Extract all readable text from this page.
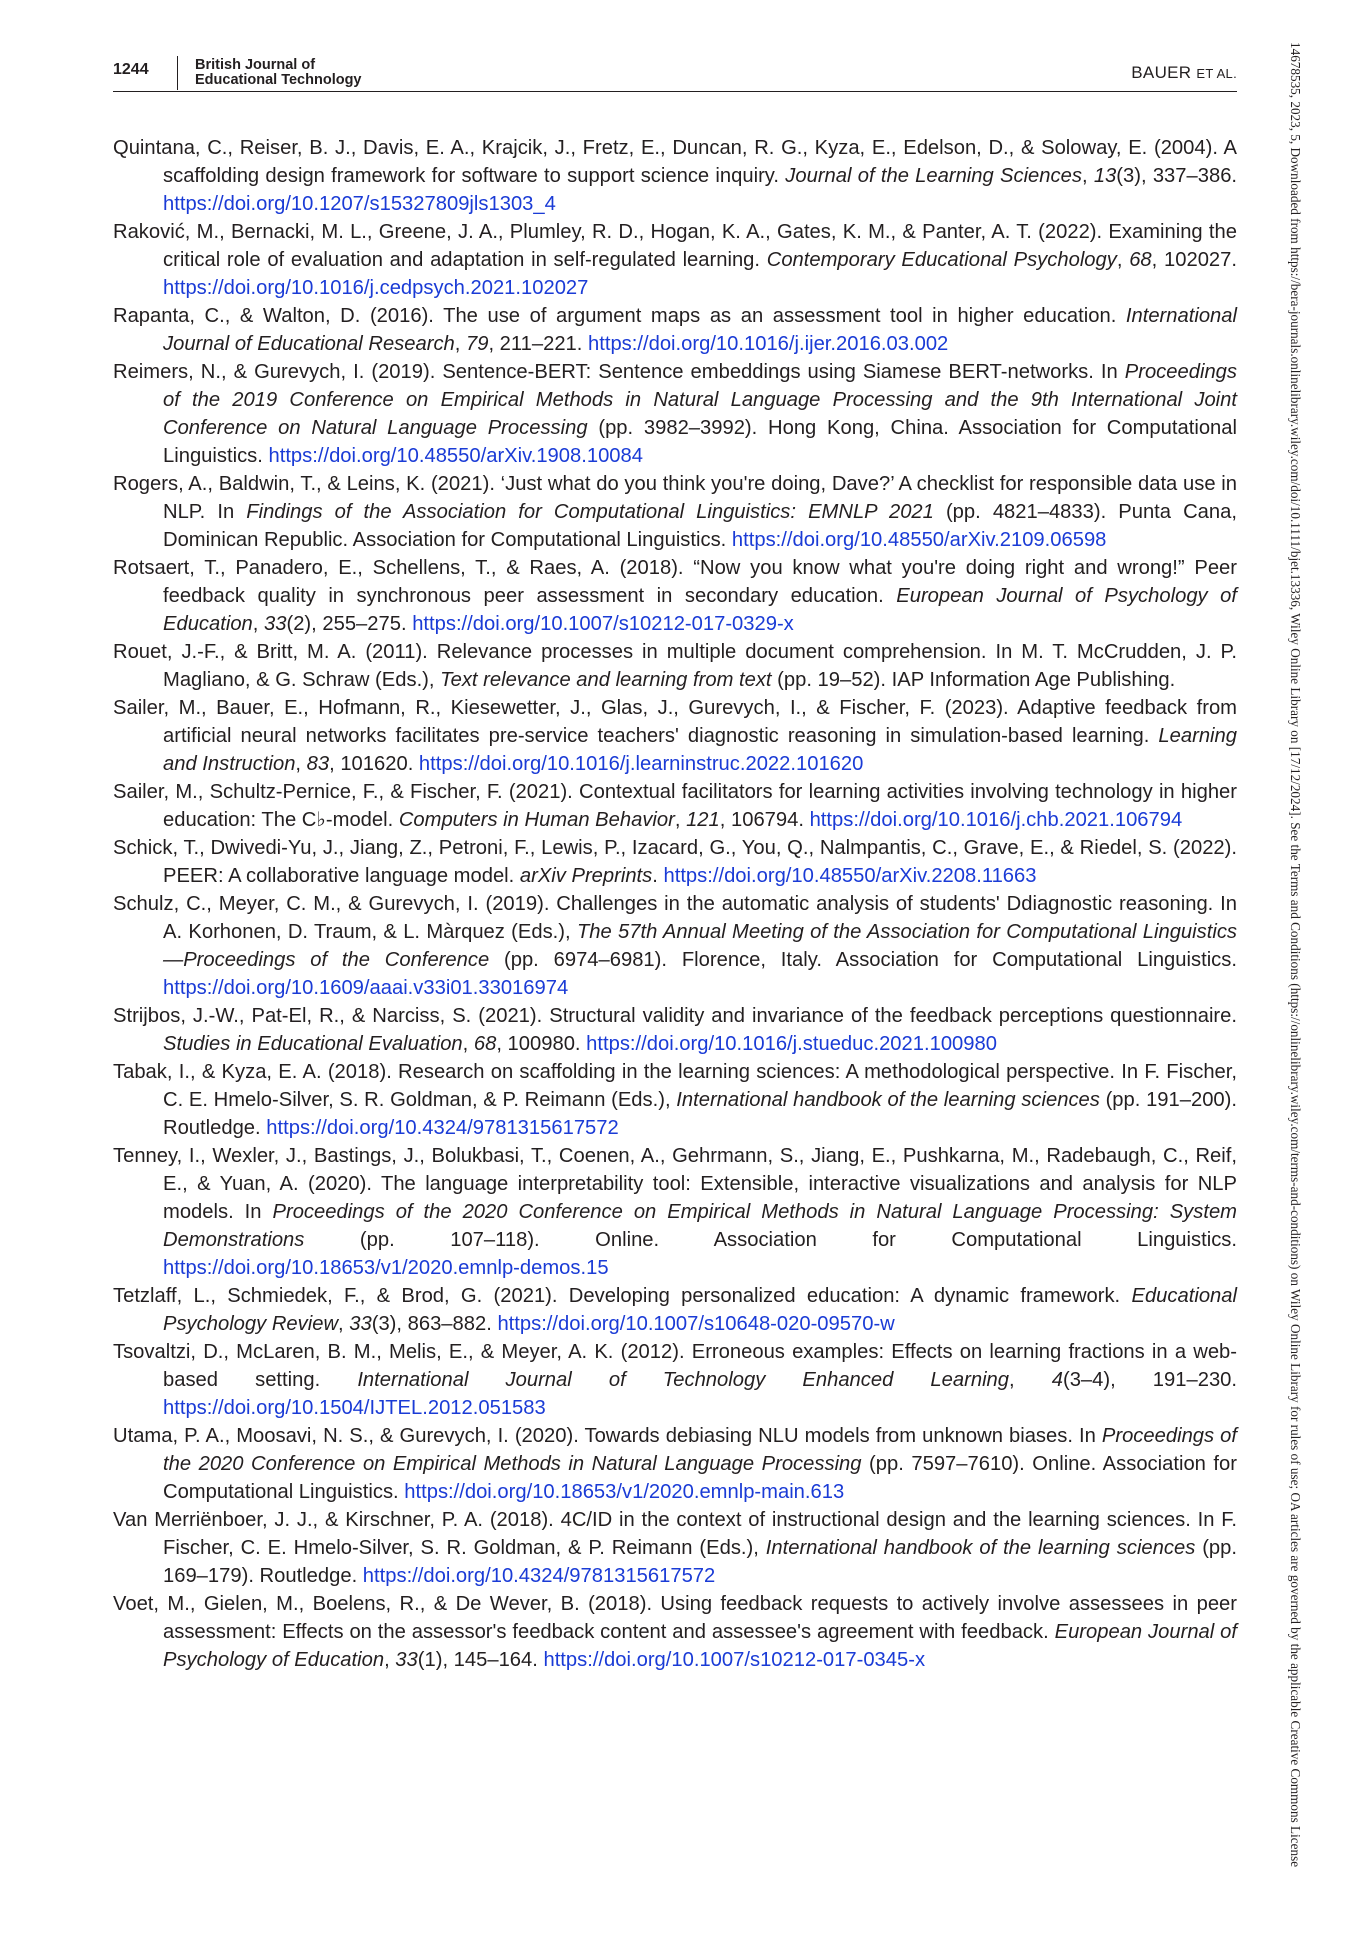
1244	British Journal of
Educational Technology	BAUER ET AL.

Quintana, C., Reiser, B. J., Davis, E. A., Krajcik, J., Fretz, E., Duncan, R. G., Kyza, E., Edelson, D., & Soloway, E. (2004). A scaffolding design framework for software to support science inquiry. Journal of the Learning Sciences, 13(3), 337–386.https://doi.org/10.1207/s15327809jls1303_4

Raković, M., Bernacki, M. L., Greene, J. A., Plumley, R. D., Hogan, K. A., Gates, K. M., & Panter, A. T. (2022). Examining the critical role of evaluation and adaptation in self-regulated learning. Contemporary Educational Psychology, 68, 102027.https://doi.org/10.1016/j.cedpsych.2021.102027

Rapanta, C., & Walton, D. (2016). The use of argument maps as an assessment tool in higher education. International Journal of Educational Research, 79, 211–221. https://doi.org/10.1016/j.ijer.2016.03.002

Reimers, N., & Gurevych, I. (2019). Sentence-BERT: Sentence embeddings using Siamese BERT-networks. In Proceedings of the 2019 Conference on Empirical Methods in Natural Language Processing and the 9th International Joint Conference on Natural Language Processing (pp. 3982–3992). Hong Kong, China. Association for Computational Linguistics. https://doi.org/10.48550/arXiv.1908.10084

Rogers, A., Baldwin, T., & Leins, K. (2021). ‘Just what do you think you're doing, Dave?’ A checklist for responsible data use in NLP. In Findings of the Association for Computational Linguistics: EMNLP 2021 (pp. 4821–4833). Punta Cana, Dominican Republic. Association for Computational Linguistics. https://doi.org/10.48550/arXiv.2109.06598

Rotsaert, T., Panadero, E., Schellens, T., & Raes, A. (2018). “Now you know what you're doing right and wrong!” Peer feedback quality in synchronous peer assessment in secondary education. European Journal of Psychology of Education, 33(2), 255–275. https://doi.org/10.1007/s10212-017-0329-x

Rouet, J.-F., & Britt, M. A. (2011). Relevance processes in multiple document comprehension. In M. T. McCrudden, J. P. Magliano, & G. Schraw (Eds.), Text relevance and learning from text (pp. 19–52). IAP Information Age Publishing.

Sailer, M., Bauer, E., Hofmann, R., Kiesewetter, J., Glas, J., Gurevych, I., & Fischer, F. (2023). Adaptive feedback from artificial neural networks facilitates pre-service teachers' diagnostic reasoning in simulation-based learning. Learning and Instruction, 83, 101620. https://doi.org/10.1016/j.learninstruc.2022.101620

Sailer, M., Schultz-Pernice, F., & Fischer, F. (2021). Contextual facilitators for learning activities involving technology in higher education: The C♭-model. Computers in Human Behavior, 121, 106794. https://doi.org/10.1016/j.chb.2021.106794

Schick, T., Dwivedi-Yu, J., Jiang, Z., Petroni, F., Lewis, P., Izacard, G., You, Q., Nalmpantis, C., Grave, E., & Riedel, S. (2022). PEER: A collaborative language model. arXiv Preprints. https://doi.org/10.48550/arXiv.2208.11663

Schulz, C., Meyer, C. M., & Gurevych, I. (2019). Challenges in the automatic analysis of students' Ddiagnostic reasoning. In A. Korhonen, D. Traum, & L. Màrquez (Eds.), The 57th Annual Meeting of the Association for Computational Linguistics—Proceedings of the Conference (pp. 6974–6981). Florence, Italy. Association for Computational Linguistics.https://doi.org/10.1609/aaai.v33i01.33016974

Strijbos, J.-W., Pat-El, R., & Narciss, S. (2021). Structural validity and invariance of the feedback perceptions questionnaire. Studies in Educational Evaluation, 68, 100980. https://doi.org/10.1016/j.stueduc.2021.100980

Tabak, I., & Kyza, E. A. (2018). Research on scaffolding in the learning sciences: A methodological perspective. In F. Fischer, C. E. Hmelo-Silver, S. R. Goldman, & P. Reimann (Eds.), International handbook of the learning sciences (pp. 191–200). Routledge. https://doi.org/10.4324/9781315617572

Tenney, I., Wexler, J., Bastings, J., Bolukbasi, T., Coenen, A., Gehrmann, S., Jiang, E., Pushkarna, M., Radebaugh, C., Reif, E., & Yuan, A. (2020). The language interpretability tool: Extensible, interactive visualizations and analysis for NLP models. In Proceedings of the 2020 Conference on Empirical Methods in Natural Language Processing: System Demonstrations (pp. 107–118). Online. Association for Computational Linguistics.https://doi.org/10.18653/v1/2020.emnlp-demos.15

Tetzlaff, L., Schmiedek, F., & Brod, G. (2021). Developing personalized education: A dynamic framework. Educational Psychology Review, 33(3), 863–882. https://doi.org/10.1007/s10648-020-09570-w

Tsovaltzi, D., McLaren, B. M., Melis, E., & Meyer, A. K. (2012). Erroneous examples: Effects on learning fractions in a web-based setting. International Journal of Technology Enhanced Learning, 4(3–4), 191–230.https://doi.org/10.1504/IJTEL.2012.051583

Utama, P. A., Moosavi, N. S., & Gurevych, I. (2020). Towards debiasing NLU models from unknown biases. In Proceedings of the 2020 Conference on Empirical Methods in Natural Language Processing (pp. 7597–7610). Online. Association for Computational Linguistics. https://doi.org/10.18653/v1/2020.emnlp-main.613

Van Merriënboer, J. J., & Kirschner, P. A. (2018). 4C/ID in the context of instructional design and the learning sciences. In F. Fischer, C. E. Hmelo-Silver, S. R. Goldman, & P. Reimann (Eds.), International handbook of the learning sciences (pp. 169–179). Routledge. https://doi.org/10.4324/9781315617572

Voet, M., Gielen, M., Boelens, R., & De Wever, B. (2018). Using feedback requests to actively involve assessees in peer assessment: Effects on the assessor's feedback content and assessee's agreement with feedback. European Journal of Psychology of Education, 33(1), 145–164. https://doi.org/10.1007/s10212-017-0345-x	14678535, 2023, 5, Downloaded from https://bera-journals.onlinelibrary.wiley.com/doi/10.1111/bjet.13336, Wiley Online Library on [17/12/2024]. See the Terms and Conditions (https://onlinelibrary.wiley.com/terms-and-conditions) on Wiley Online Library for rules of use; OA articles are governed by the applicable Creative Commons License
